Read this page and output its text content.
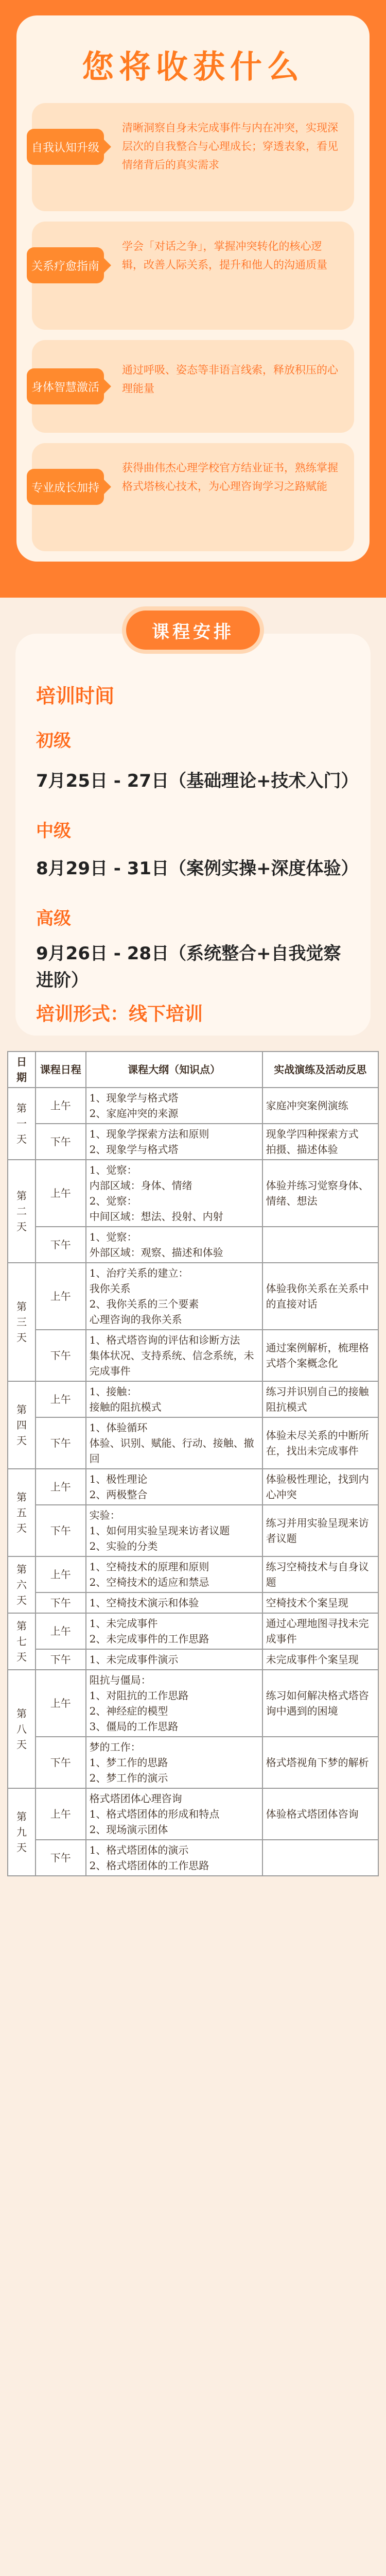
您将收获什么
自我认知升级
清晰洞察自身未完成事件与内在冲突，实现深层次的自我整合与心理成长；穿透表象，看见情绪背后的真实需求
关系疗愈指南
学会「对话之争」，掌握冲突转化的核心逻辑，改善人际关系，提升和他人的沟通质量
身体智慧激活
通过呼吸、姿态等非语言线索，释放积压的心理能量
专业成长加持
获得曲伟杰心理学校官方结业证书，熟练掌握格式塔核心技术，为心理咨询学习之路赋能
培训时间
初级
7月25日 - 27日（基础理论+技术入门）
中级
8月29日 - 31日（案例实操+深度体验）
高级
9月26日 - 28日（系统整合+自我觉察进阶）
培训形式：线下培训
课程安排
日期	课程日程	课程大纲（知识点）	实战演练及活动反思
第一天	上午	1、现象学与格式塔
2、家庭冲突的来源	家庭冲突案例演练

	下午	1、现象学探索方法和原则
2、现象学与格式塔	现象学四种探索方式
拍摄、描述体验

第二天	上午	1、觉察：
内部区域：身体、情绪
2、觉察：
中间区域：想法、投射、内射	体验并练习觉察身体、情绪、想法

	下午	1、觉察：
外部区域：观察、描述和体验	

第三天	上午	1、治疗关系的建立：
我你关系
2、我你关系的三个要素
心理咨询的我你关系	体验我你关系在关系中的直接对话

	下午	1、格式塔咨询的评估和诊断方法
集体状况、支持系统、信念系统，未完成事件	通过案例解析，梳理格式塔个案概念化

第四天	上午	1、接触：
接触的阻抗模式	练习并识别自己的接触阻抗模式

	下午	1、体验循环
体验、识别、赋能、行动、接触、撤回	体验未尽关系的中断所在，找出未完成事件

第五天	上午	1、极性理论
2、两极整合	体验极性理论，找到内心冲突

	下午	实验：
1、如何用实验呈现来访者议题
2、实验的分类	练习并用实验呈现来访者议题

第六天	上午	1、空椅技术的原理和原则
2、空椅技术的适应和禁忌	练习空椅技术与自身议题

	下午	1、空椅技术演示和体验	空椅技术个案呈现

第七天	上午	1、未完成事件
2、未完成事件的工作思路	通过心理地图寻找未完成事件

	下午	1、未完成事件演示	未完成事件个案呈现

第八天	上午	阻抗与僵局：
1、对阻抗的工作思路
2、神经症的模型
3、僵局的工作思路	练习如何解决格式塔咨询中遇到的困境

	下午	梦的工作：
1、梦工作的思路
2、梦工作的演示	格式塔视角下梦的解析

第九天	上午	格式塔团体心理咨询
1、格式塔团体的形成和特点
2、现场演示团体	体验格式塔团体咨询

	下午	1、格式塔团体的演示
2、格式塔团体的工作思路	
